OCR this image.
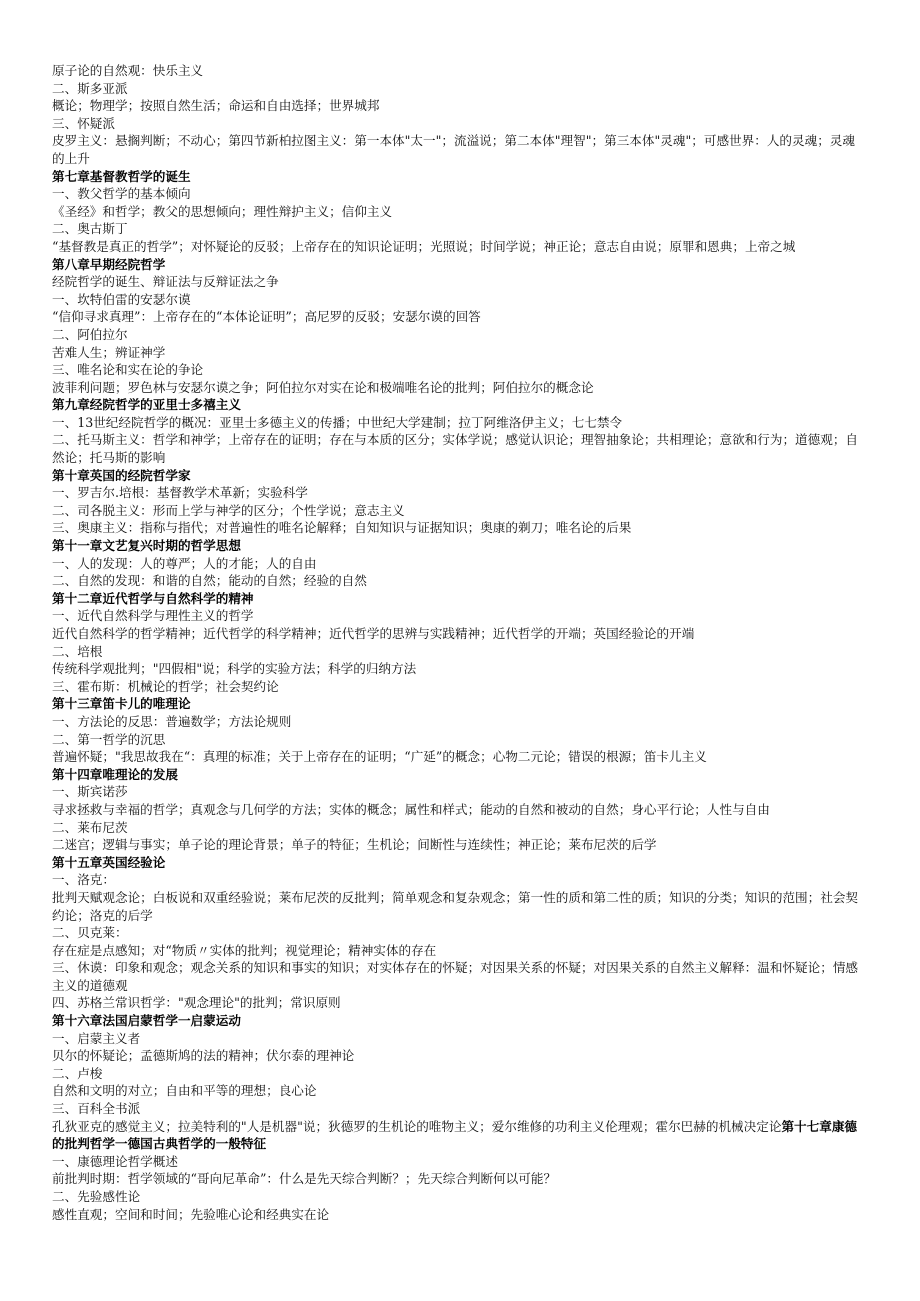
原子论的自然观：快乐主义

二、斯多亚派

概论；物理学；按照自然生活；命运和自由选择；世界城邦

三、怀疑派

皮罗主义：悬搁判断；不动心；第四节新柏拉图主义：第一本体"太一"；流溢说；第二本体"理智"；第三本体"灵魂"；可感世界：人的灵魂；灵魂的上升

第七章基督教哲学的诞生

一、教父哲学的基本倾向

《圣经》和哲学；教父的思想倾向；理性辩护主义；信仰主义

二、奥古斯丁

“基督教是真正的哲学”；对怀疑论的反驳；上帝存在的知识论证明；光照说；时间学说；神正论；意志自由说；原罪和恩典；上帝之城

第八章早期经院哲学

经院哲学的诞生、辩证法与反辩证法之争

一、坎特伯雷的安瑟尔谟

“信仰寻求真理”：上帝存在的“本体论证明”；高尼罗的反驳；安瑟尔谟的回答

二、阿伯拉尔

苦难人生；辨证神学

三、唯名论和实在论的争论

波菲利问题；罗色林与安瑟尔谟之争；阿伯拉尔对实在论和极端唯名论的批判；阿伯拉尔的概念论

第九章经院哲学的亚里士多禧主义

一、13世纪经院哲学的概况：亚里士多德主义的传播；中世纪大学建制；拉丁阿维洛伊主义；七七禁令

二、托马斯主义：哲学和神学；上帝存在的证明；存在与本质的区分；实体学说；感觉认识论；理智抽象论；共相理论；意欲和行为；道德观；自然论；托马斯的影响

第十章英国的经院哲学家

一、罗吉尔.培根：基督教学术革新；实验科学

二、司各脱主义：形而上学与神学的区分；个性学说；意志主义

三、奥康主义：指称与指代；对普遍性的唯名论解释；自知知识与证据知识；奥康的剃刀；唯名论的后果

第十一章文艺复兴时期的哲学思想

一、人的发现：人的尊严；人的才能；人的自由

二、自然的发现：和谐的自然；能动的自然；经验的自然

第十二章近代哲学与自然科学的精神

一、近代自然科学与理性主义的哲学

近代自然科学的哲学精神；近代哲学的科学精神；近代哲学的思辨与实践精神；近代哲学的开端；英国经验论的开端

二、培根

传统科学观批判；"四假相"说；科学的实验方法；科学的归纳方法

三、霍布斯：机械论的哲学；社会契约论

第十三章笛卡儿的唯理论

一、方法论的反思：普遍数学；方法论规则

二、第一哲学的沉思

普遍怀疑；"我思故我在“：真理的标准；关于上帝存在的证明；“广延”的概念；心物二元论；错误的根源；笛卡儿主义

第十四章唯理论的发展

一、斯宾诺莎

寻求拯救与幸福的哲学；真观念与几何学的方法；实体的概念；属性和样式；能动的自然和被动的自然；身心平行论；人性与自由

二、莱布尼茨

二迷宫；逻辑与事实；单子论的理论背景；单子的特征；生机论；间断性与连续性；神正论；莱布尼茨的后学

第十五章英国经验论

一、洛克：

批判天赋观念论；白板说和双重经验说；莱布尼茨的反批判；简单观念和复杂观念；第一性的质和第二性的质；知识的分类；知识的范围；社会契约论；洛克的后学

二、贝克莱：

存在症是点感知；对“物质〃实体的批判；视觉理论；精神实体的存在

三、休谟：印象和观念；观念关系的知识和事实的知识；对实体存在的怀疑；对因果关系的怀疑；对因果关系的自然主义解释：温和怀疑论；情感主义的道德观

四、苏格兰常识哲学："观念理论"的批判；常识原则

第十六章法国启蒙哲学一启蒙运动

一、启蒙主义者

贝尔的怀疑论；孟德斯鸠的法的精神；伏尔泰的理神论

二、卢梭

自然和文明的对立；自由和平等的理想；良心论

三、百科全书派

孔狄亚克的感觉主义；拉美特利的"人是机器"说；狄德罗的生机论的唯物主义；爱尔维修的功利主义伦理观；霍尔巴赫的机械决定论第十七章康德的批判哲学一德国古典哲学的一般特征

一、康德理论哲学概述

前批判时期：哲学领域的“哥向尼革命”：什么是先天综合判断？；先天综合判断何以可能？

二、先验感性论

感性直观；空间和时间；先验唯心论和经典实在论
